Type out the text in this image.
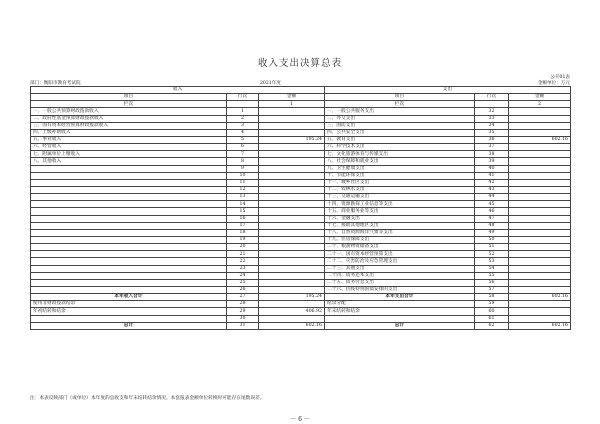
收入支出决算总表
公开01表
部门：衡阳市教育考试院	2021年度	金额单位：万元
收入			支出		
项目	行次	金额	项目	行次	金额
栏次		1	栏次		2
一、一般公共预算财政拨款收入	1		一、一般公共服务支出	32	
二、政府性基金预算财政拨款收入	2		二、外交支出	33	
三、国有资本经营预算财政拨款收入	3		三、国防支出	34	
四、上级补助收入	4		四、公共安全支出	35	
五、事业收入	5	195.24	五、教育支出	36	602.16
六、经营收入	6		六、科学技术支出	37	
七、附属单位上缴收入	7		七、文化旅游体育与传媒支出	38	
八、其他收入	8		八、社会保障和就业支出	39	
	9		九、卫生健康支出	40	
	10		十、节能环保支出	41	
	11		十一、城乡社区支出	42	
	12		十二、农林水支出	43	
	13		十三、交通运输支出	44	
	14		十四、资源勘探工业信息等支出	45	
	15		十五、商业服务业等支出	46	
	16		十六、金融支出	47	
	17		十七、援助其他地区支出	48	
	18		十八、自然资源海洋气象等支出	49	
	19		十九、住房保障支出	50	
	20		二十、粮油物资储备支出	51	
	21		二十一、国有资本经营预算支出	52	
	22		二十二、灾害防治及应急管理支出	53	
	23		二十三、其他支出	54	
	24		二十四、债务还本支出	55	
	25		二十五、债务付息支出	56	
	26		二十六、抗疫特别国债安排的支出	57	
本年收入合计	27	195.24	本年支出合计	58	602.16
使用非财政拨款结余	28		结余分配	59	
年初结转和结余	29	406.92	年末结转和结余	60	
	30			61	
总计	31	602.16	总计	62	602.16
注：本表反映部门（或单位）本年度的总收支和年末结转结余情况。本套报表金额单位转换时可能存在尾数误差。
－ 6 －
